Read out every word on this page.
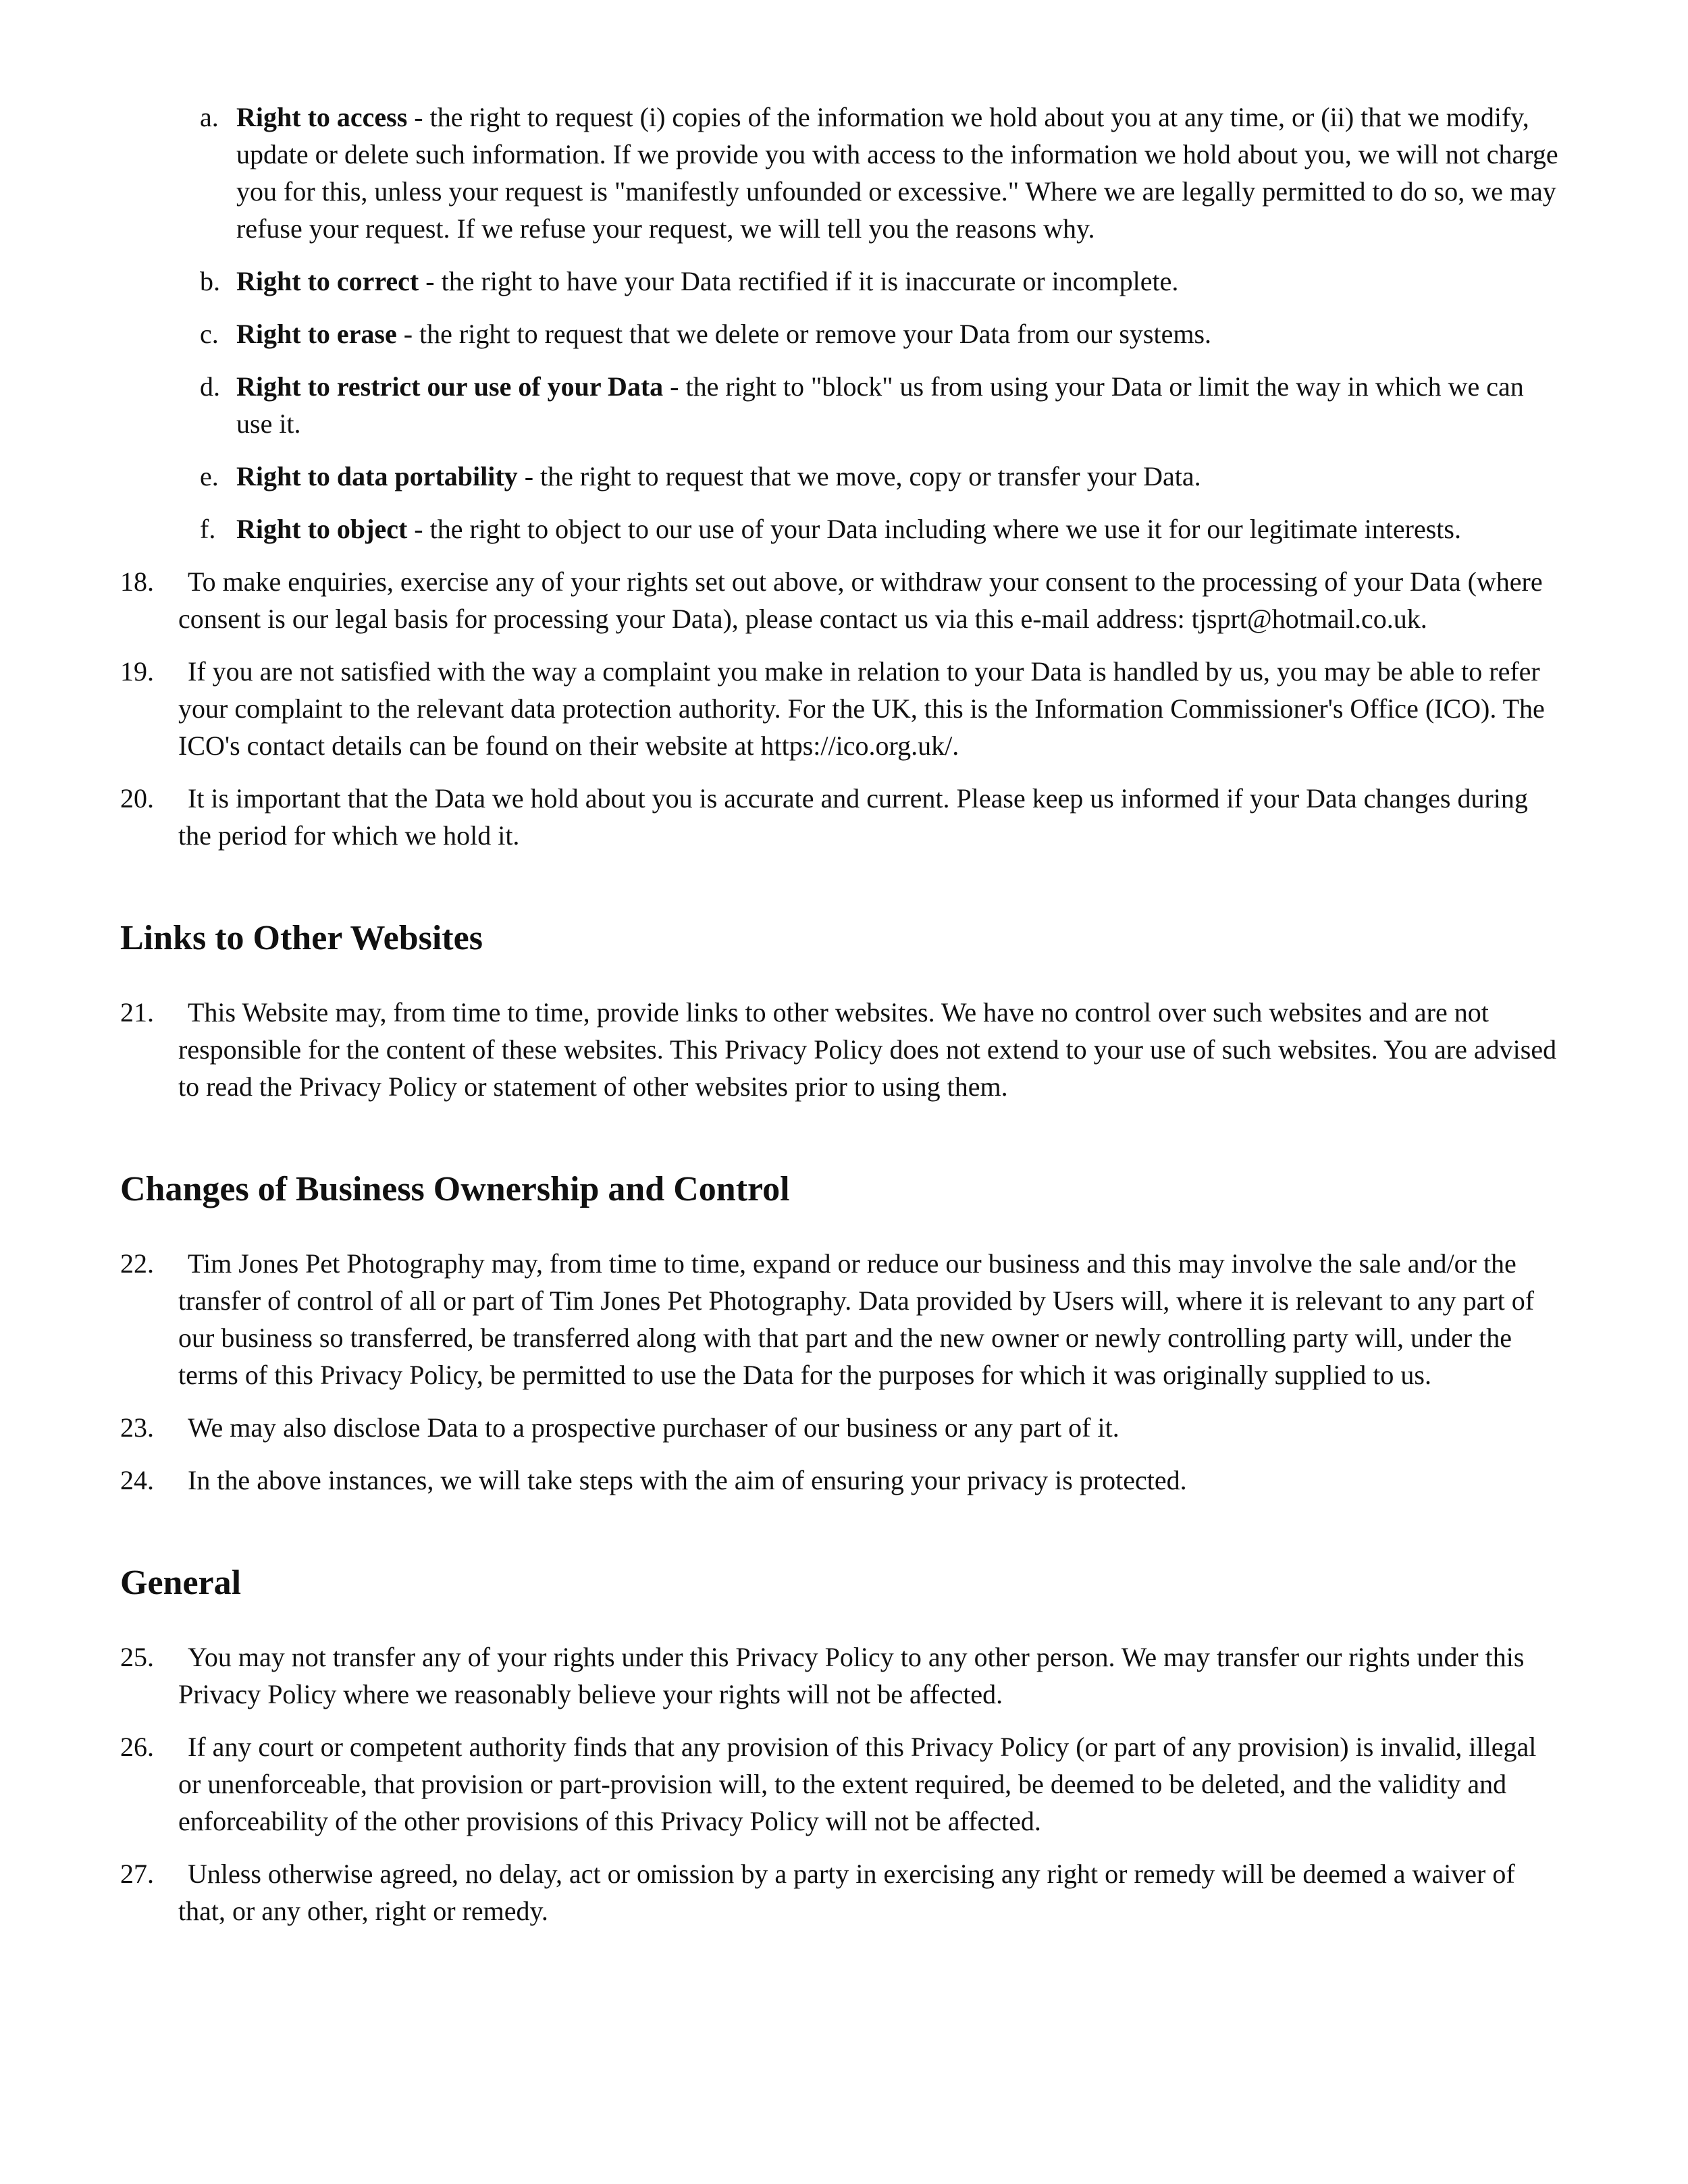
a. Right to access - the right to request (i) copies of the information we hold about you at any time, or (ii) that we modify, update or delete such information. If we provide you with access to the information we hold about you, we will not charge you for this, unless your request is "manifestly unfounded or excessive." Where we are legally permitted to do so, we may refuse your request. If we refuse your request, we will tell you the reasons why.
b. Right to correct - the right to have your Data rectified if it is inaccurate or incomplete.
c. Right to erase - the right to request that we delete or remove your Data from our systems.
d. Right to restrict our use of your Data - the right to "block" us from using your Data or limit the way in which we can use it.
e. Right to data portability - the right to request that we move, copy or transfer your Data.
f. Right to object - the right to object to our use of your Data including where we use it for our legitimate interests.
18.	To make enquiries, exercise any of your rights set out above, or withdraw your consent to the processing of your Data (where consent is our legal basis for processing your Data), please contact us via this e-mail address: tjsprt@hotmail.co.uk.
19.	If you are not satisfied with the way a complaint you make in relation to your Data is handled by us, you may be able to refer your complaint to the relevant data protection authority. For the UK, this is the Information Commissioner's Office (ICO). The ICO's contact details can be found on their website at https://ico.org.uk/.
20.	It is important that the Data we hold about you is accurate and current. Please keep us informed if your Data changes during the period for which we hold it.
Links to Other Websites
21.	This Website may, from time to time, provide links to other websites. We have no control over such websites and are not responsible for the content of these websites. This Privacy Policy does not extend to your use of such websites. You are advised to read the Privacy Policy or statement of other websites prior to using them.
Changes of Business Ownership and Control
22.	Tim Jones Pet Photography may, from time to time, expand or reduce our business and this may involve the sale and/or the transfer of control of all or part of Tim Jones Pet Photography. Data provided by Users will, where it is relevant to any part of our business so transferred, be transferred along with that part and the new owner or newly controlling party will, under the terms of this Privacy Policy, be permitted to use the Data for the purposes for which it was originally supplied to us.
23.	We may also disclose Data to a prospective purchaser of our business or any part of it.
24.	In the above instances, we will take steps with the aim of ensuring your privacy is protected.
General
25.	You may not transfer any of your rights under this Privacy Policy to any other person. We may transfer our rights under this Privacy Policy where we reasonably believe your rights will not be affected.
26.	If any court or competent authority finds that any provision of this Privacy Policy (or part of any provision) is invalid, illegal or unenforceable, that provision or part-provision will, to the extent required, be deemed to be deleted, and the validity and enforceability of the other provisions of this Privacy Policy will not be affected.
27.	Unless otherwise agreed, no delay, act or omission by a party in exercising any right or remedy will be deemed a waiver of that, or any other, right or remedy.
